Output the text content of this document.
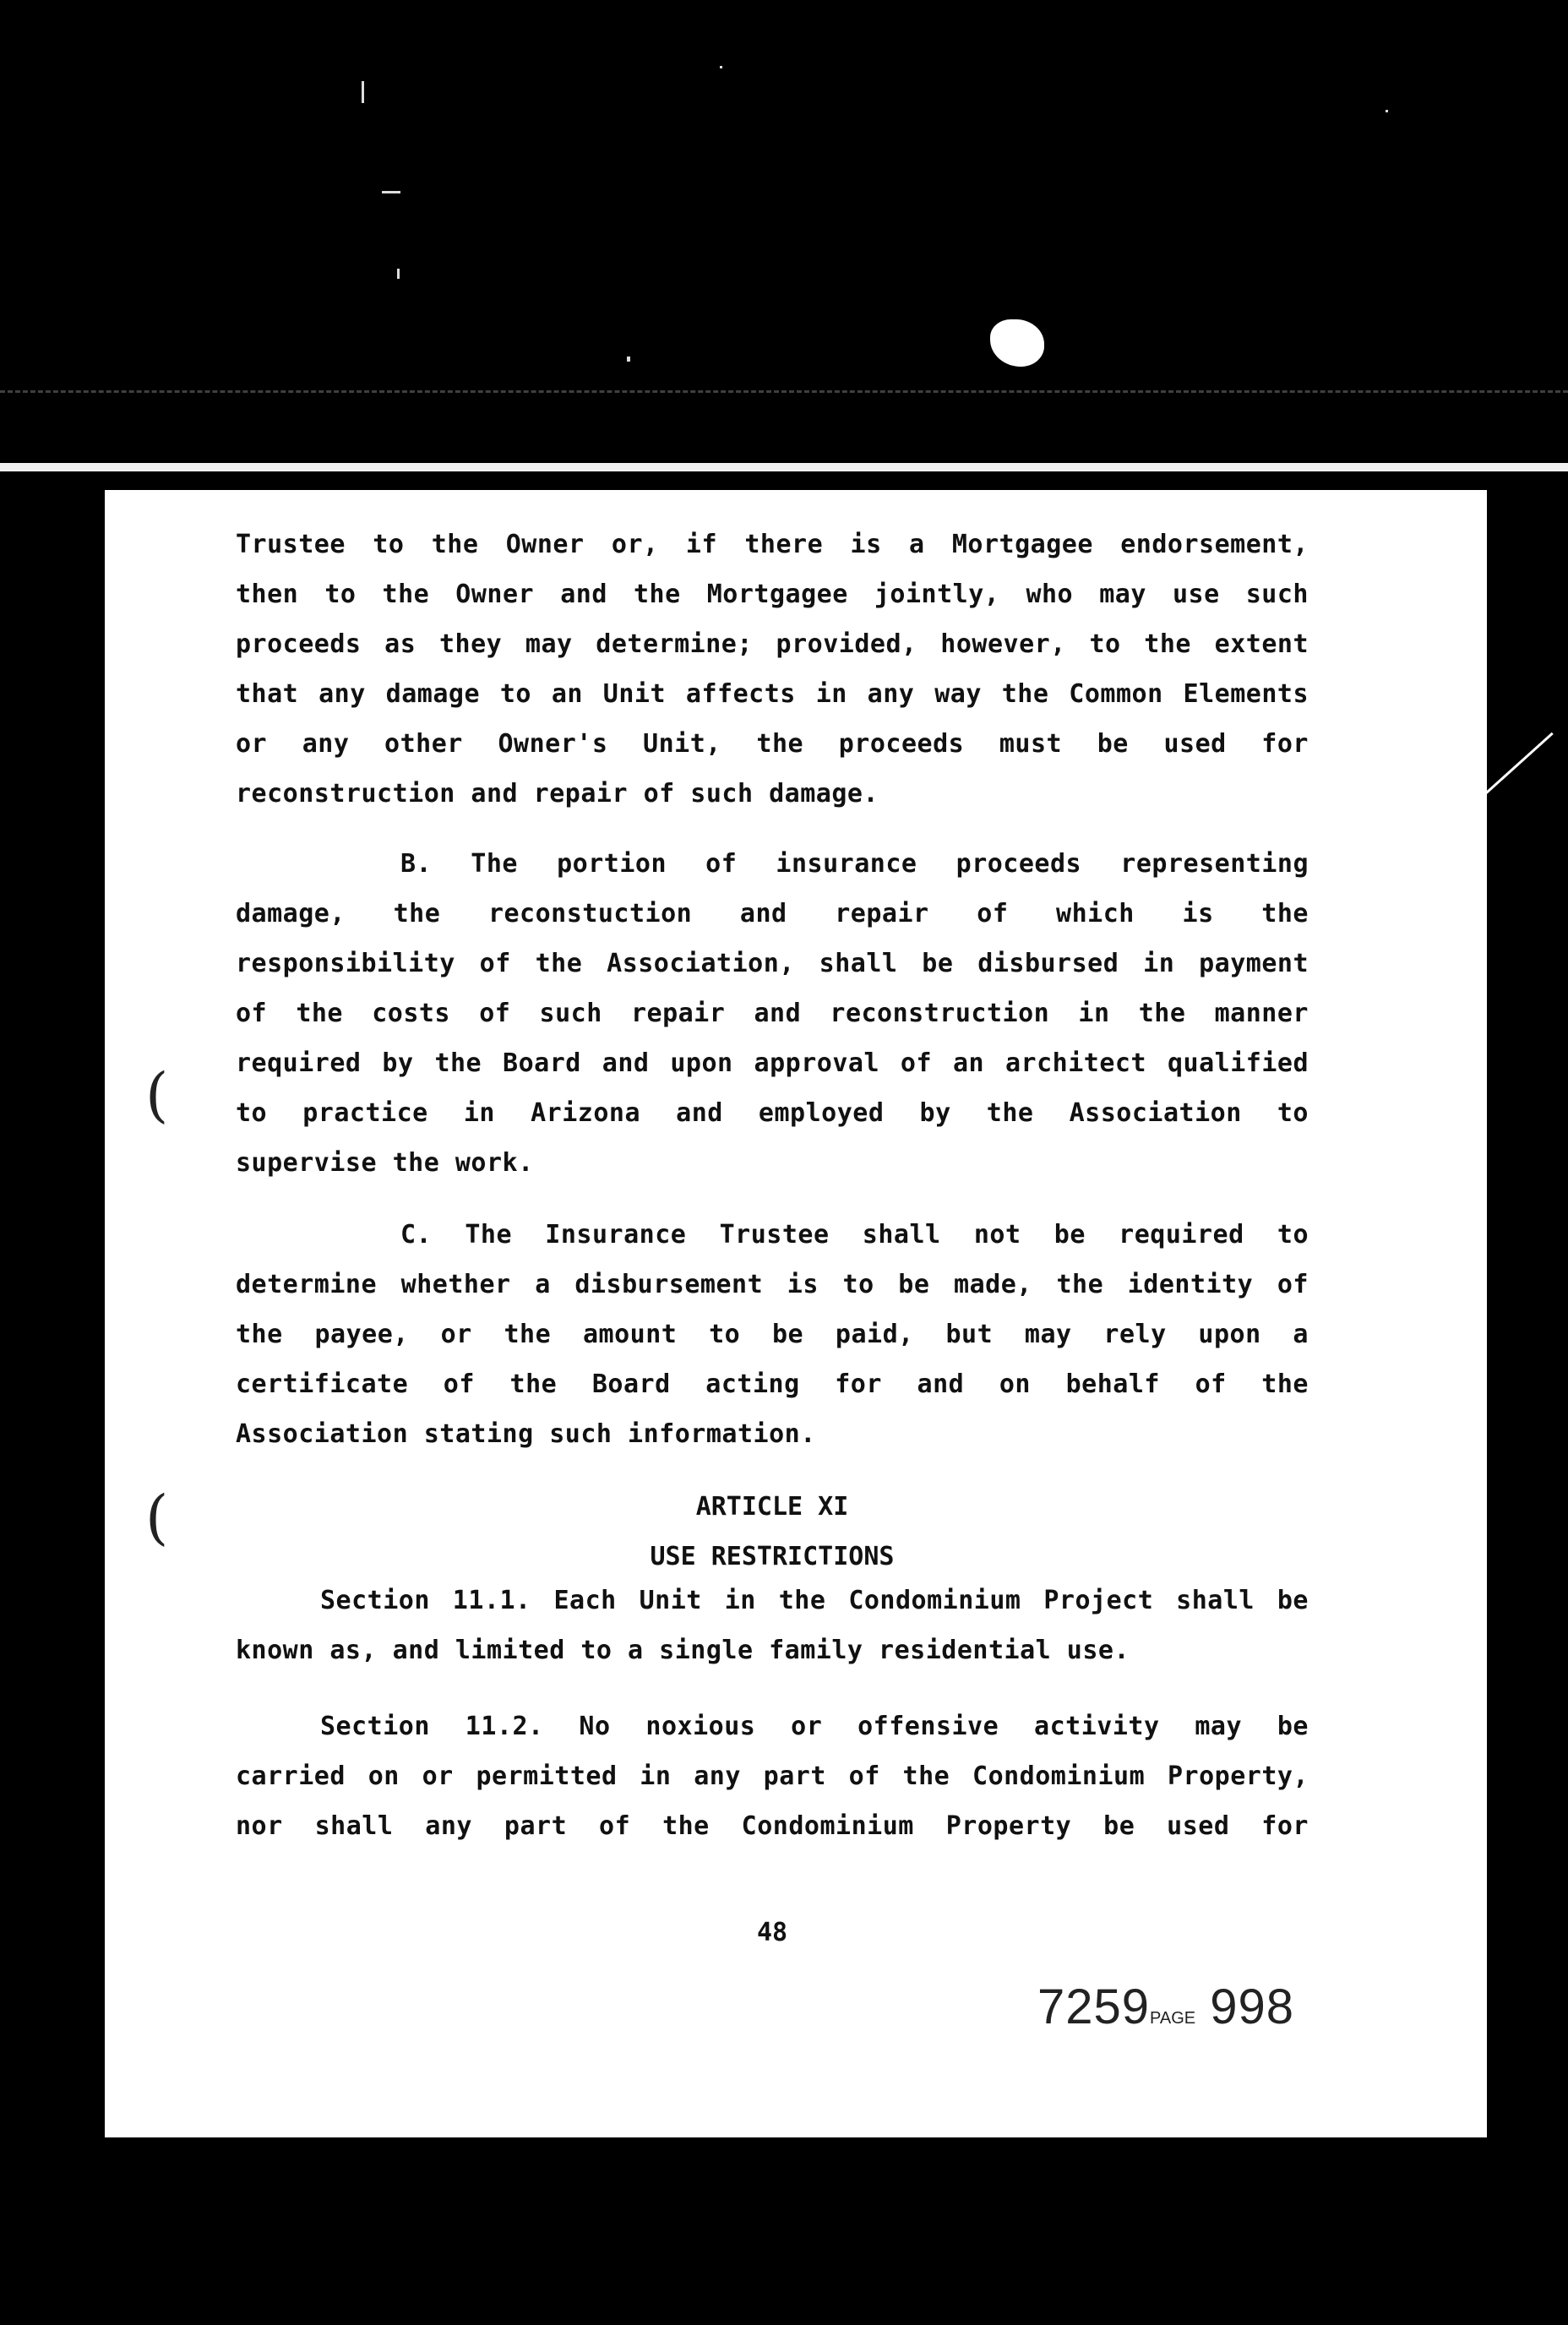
Trustee to the Owner or, if there is a Mortgagee endorsement,
then to the Owner and the Mortgagee jointly, who may use such
proceeds as they may determine; provided, however, to the extent
that any damage to an Unit affects in any way the Common Elements
or any other Owner's Unit, the proceeds must be used for
reconstruction and repair of such damage.
B. The portion of insurance proceeds representing
damage, the reconstuction and repair of which is the
responsibility of the Association, shall be disbursed in payment
of the costs of such repair and reconstruction in the manner
required by the Board and upon approval of an architect qualified
to practice in Arizona and employed by the Association to
supervise the work.
C. The Insurance Trustee shall not be required to
determine whether a disbursement is to be made, the identity of
the payee, or the amount to be paid, but may rely upon a
certificate of the Board acting for and on behalf of the
Association stating such information.
ARTICLE XI
USE RESTRICTIONS
Section 11.1. Each Unit in the Condominium Project shall be
known as, and limited to a single family residential use.
Section 11.2. No noxious or offensive activity may be
carried on or permitted in any part of the Condominium Property,
nor shall any part of the Condominium Property be used for
48
7259PAGE 998
(
(
